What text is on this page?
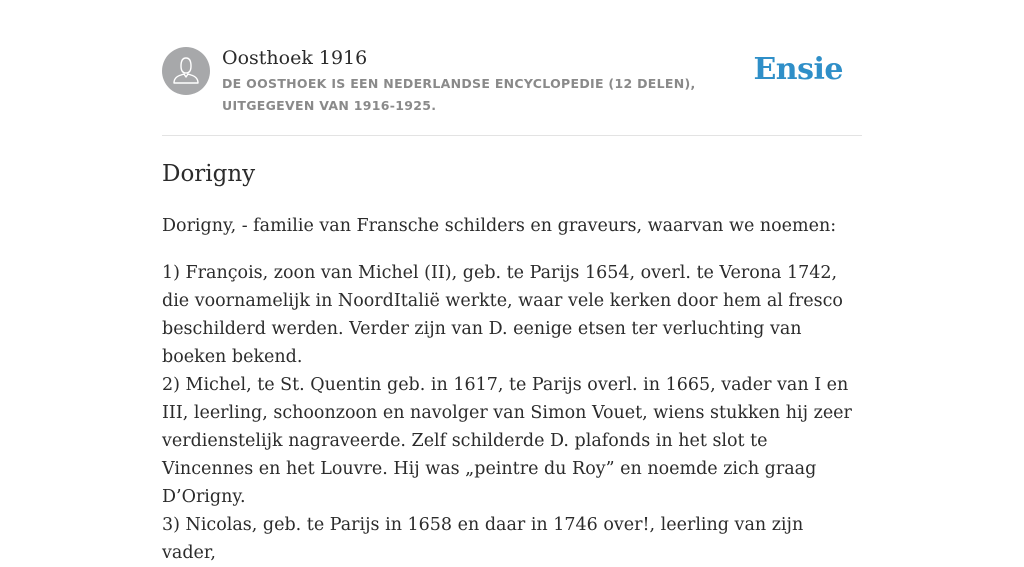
Oosthoek 1916
DE OOSTHOEK IS EEN NEDERLANDSE ENCYCLOPEDIE (12 DELEN), UITGEGEVEN VAN 1916-1925.
Ensie
Dorigny

Dorigny, - familie van Fransche schilders en graveurs, waarvan we noemen:

1) François, zoon van Michel (II), geb. te Parijs 1654, overl. te Verona 1742, die voornamelijk in NoordItalië werkte, waar vele kerken door hem al fresco beschilderd werden. Verder zijn van D. eenige etsen ter verluchting van boeken bekend.

2) Michel, te St. Quentin geb. in 1617, te Parijs overl. in 1665, vader van I en III, leerling, schoonzoon en navolger van Simon Vouet, wiens stukken hij zeer verdienstelijk nagraveerde. Zelf schilderde D. plafonds in het slot te Vincennes en het Louvre. Hij was „peintre du Roy” en noemde zich graag D’Origny.

3) Nicolas, geb. te Parijs in 1658 en daar in 1746 over!, leerling van zijn vader,
